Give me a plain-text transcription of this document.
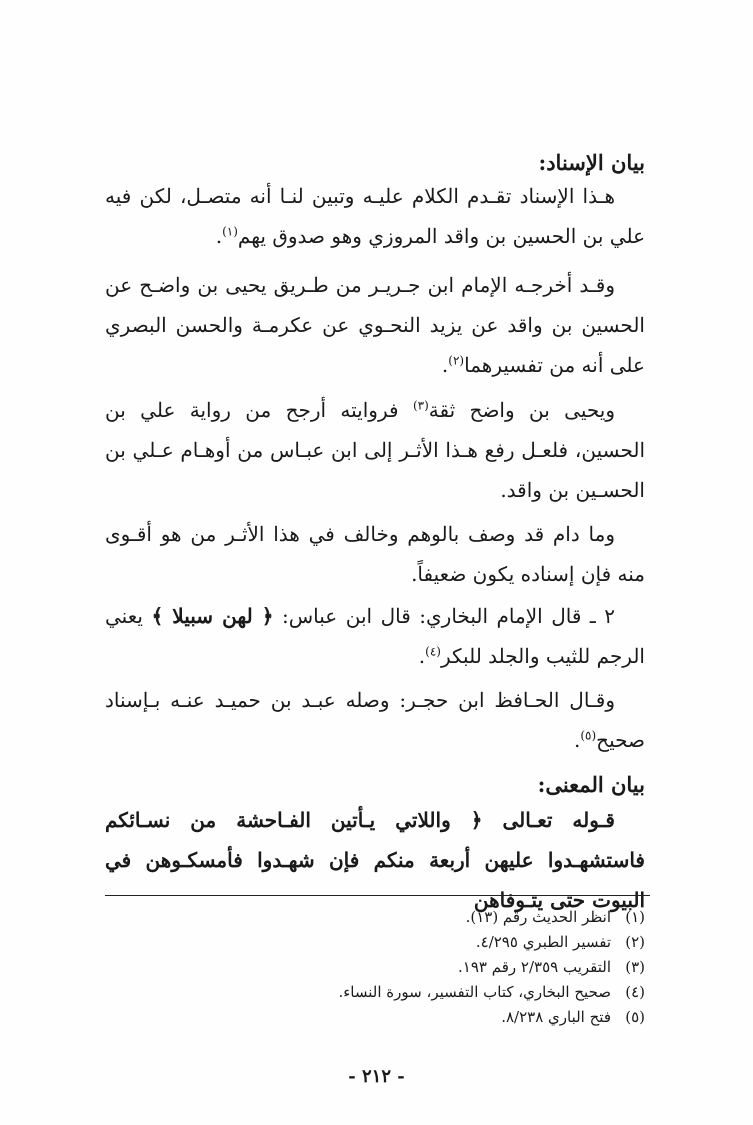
بيان الإسناد:

هـذا الإسناد تقـدم الكلام عليـه وتبين لنـا أنه متصـل، لكن فيه علي بن الحسين بن واقد المروزي وهو صدوق يهم$^{(١)}$.

وقـد أخرجـه الإمام ابن جـريـر من طـريق يحيى بن واضـح عن الحسين بن واقد عن يزيد النحـوي عن عكرمـة والحسن البصري على أنه من تفسيرهما$^{(٢)}$.

ويحيى بن واضح ثقة$^{(٣)}$ فروايته أرجح من رواية علي بن الحسين، فلعـل رفع هـذا الأثـر إلى ابن عبـاس من أوهـام عـلي بن الحسـين بن واقد.

وما دام قد وصف بالوهم وخالف في هذا الأثـر من هو أقـوى منه فإن إسناده يكون ضعيفاً.

٢ ـ قال الإمام البخاري: قال ابن عباس: ﴿ لهن سبيلا ﴾ يعني الرجم للثيب والجلد للبكر$^{(٤)}$.

وقـال الحـافظ ابن حجـر: وصله عبـد بن حميـد عنـه بـإسناد صحيح$^{(٥)}$.

بيان المعنى:

قـوله تعـالى ﴿ واللاتي يـأتين الفـاحشة من نسـائكم فاستشهـدوا عليهن أربعة منكم فإن شهـدوا فأمسكـوهن في البيوت حتى يتـوفاهن

(١)انظر الحديث رقم (١٣).

(٢)تفسير الطبري ٤/٢٩٥.

(٣)التقريب ٢/٣٥٩ رقم ١٩٣.

(٤)صحيح البخاري، كتاب التفسير، سورة النساء.

(٥)فتح الباري ٨/٢٣٨.

- ٢١٢ -
